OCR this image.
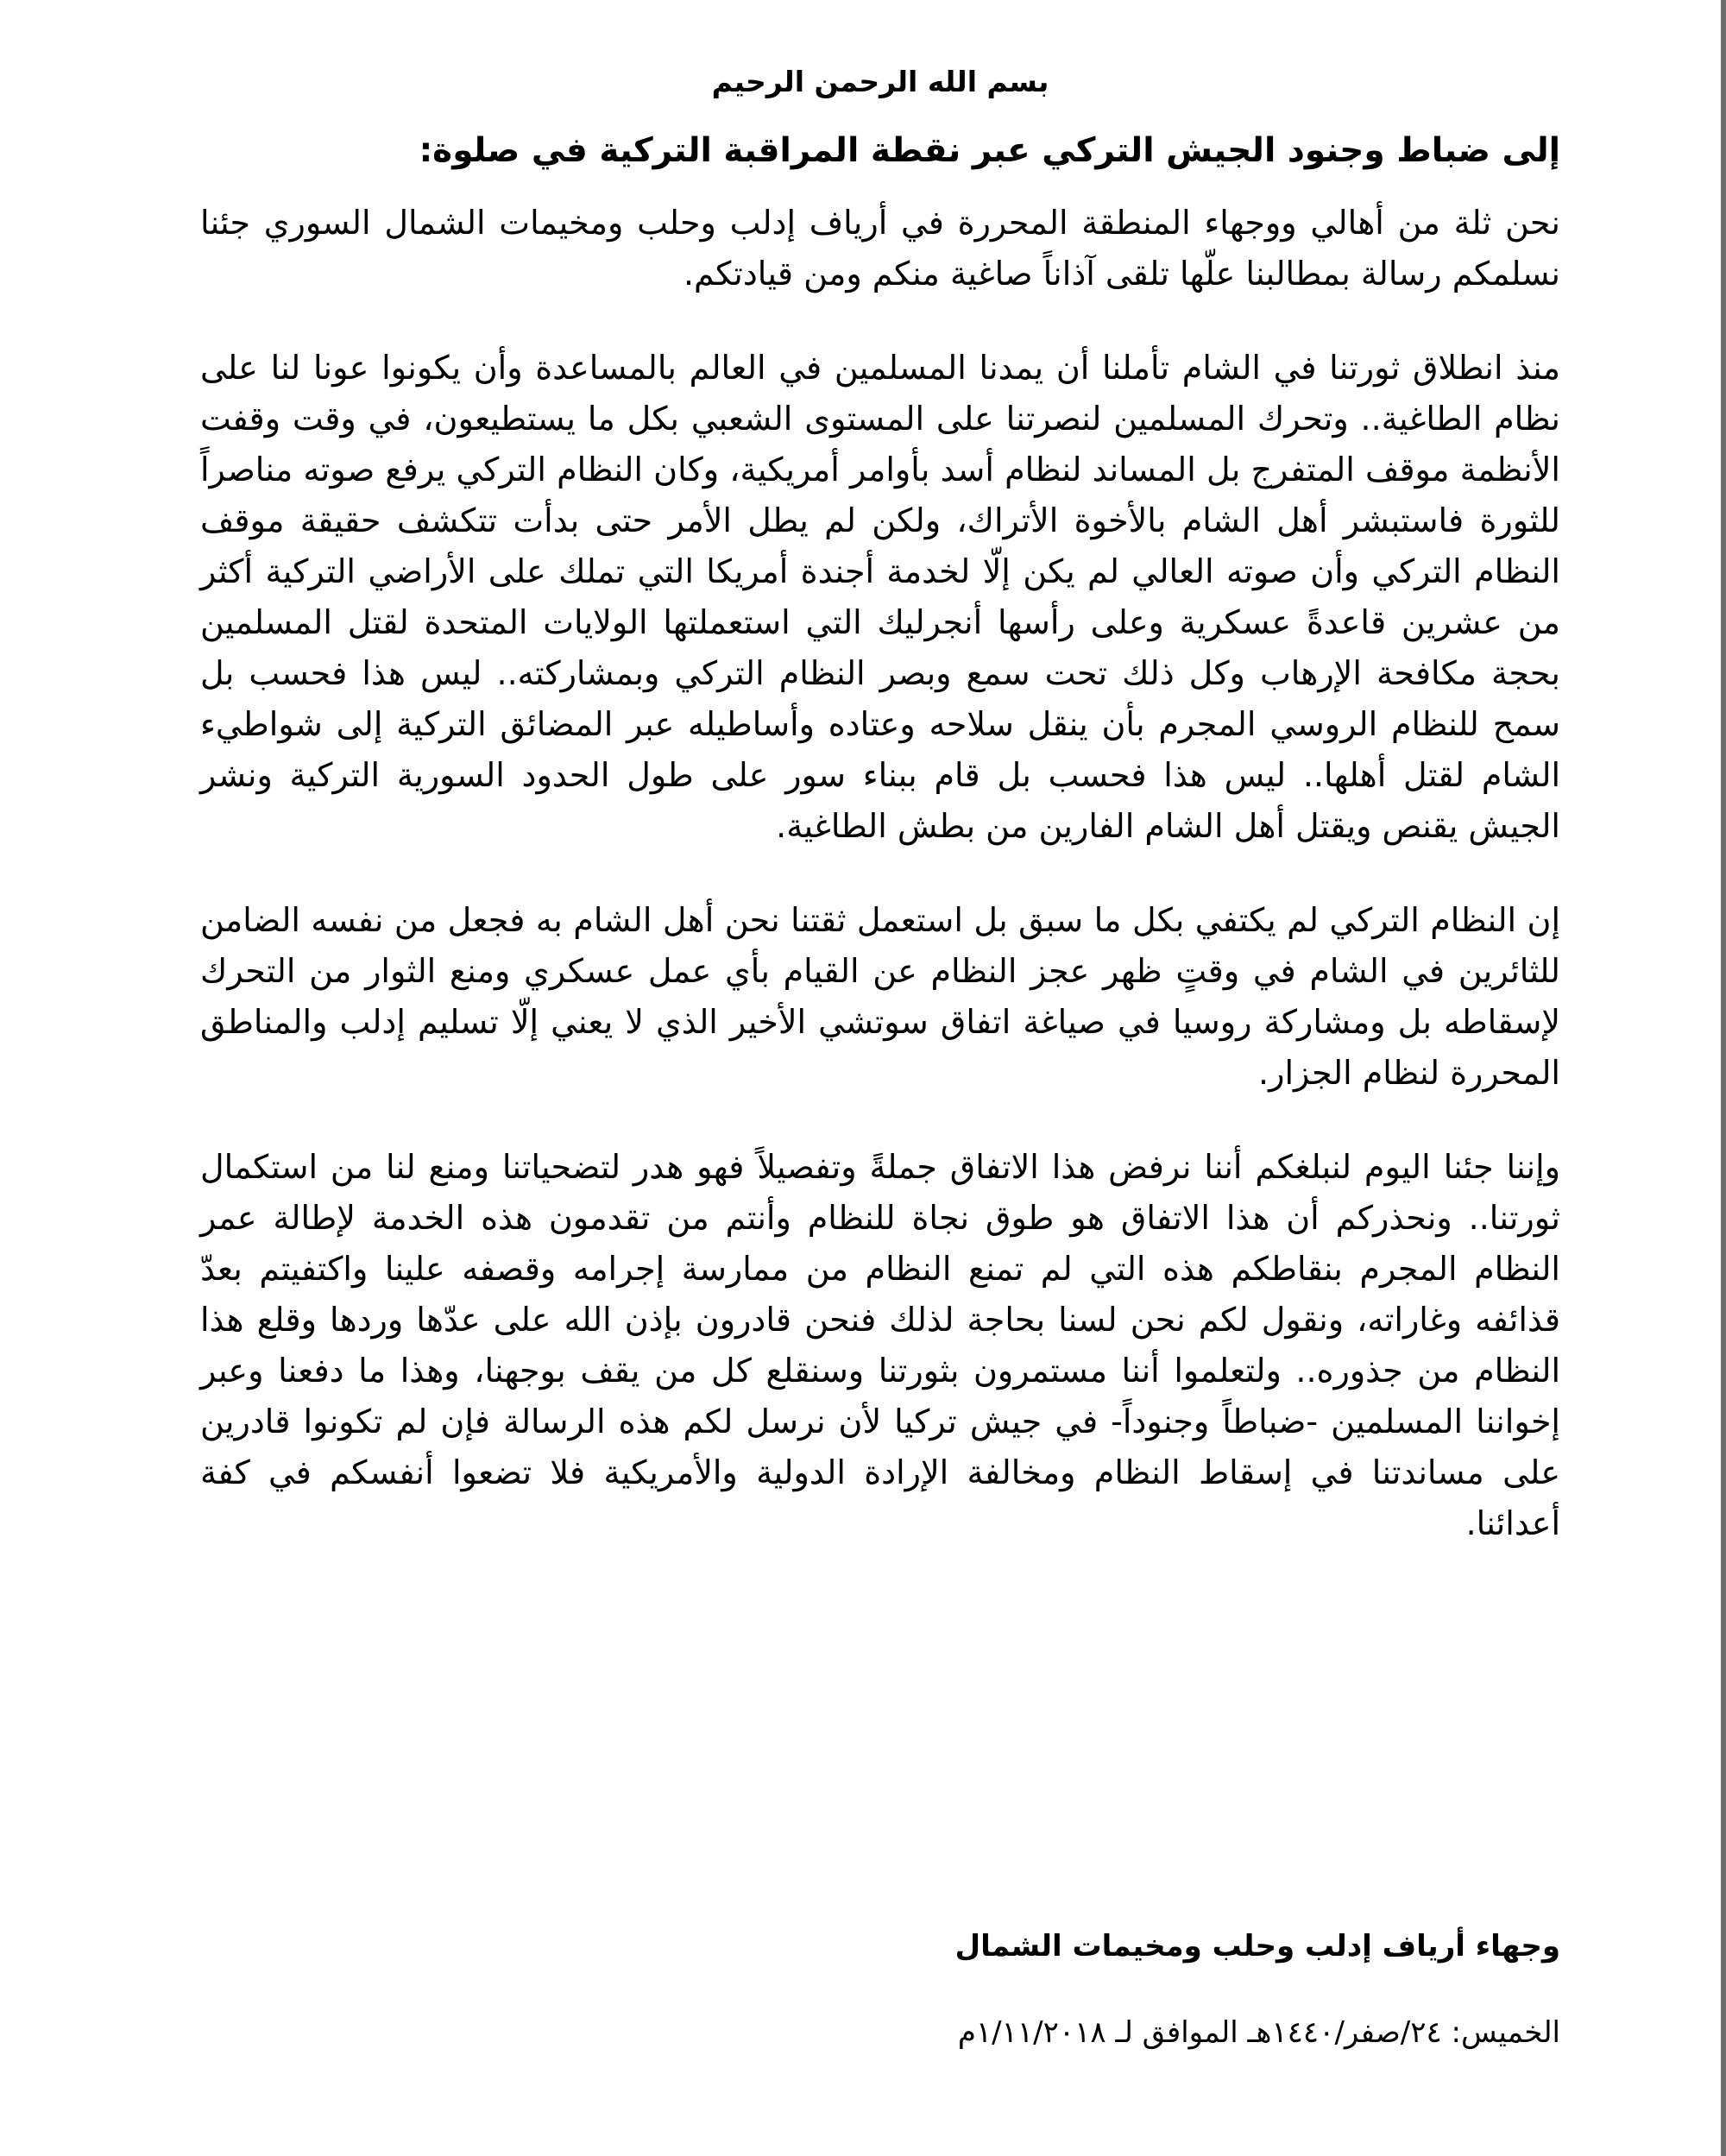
بسم الله الرحمن الرحيم

إلى ضباط وجنود الجيش التركي عبر نقطة المراقبة التركية في صلوة:

نحن ثلة من أهالي ووجهاء المنطقة المحررة في أرياف إدلب وحلب ومخيمات الشمال السوري جئنا نسلمكم رسالة بمطالبنا علّها تلقى آذاناً صاغية منكم ومن قيادتكم.

منذ انطلاق ثورتنا في الشام تأملنا أن يمدنا المسلمين في العالم بالمساعدة وأن يكونوا عونا لنا على نظام الطاغية.. وتحرك المسلمين لنصرتنا على المستوى الشعبي بكل ما يستطيعون، في وقت وقفت الأنظمة موقف المتفرج بل المساند لنظام أسد بأوامر أمريكية، وكان النظام التركي يرفع صوته مناصراً للثورة فاستبشر أهل الشام بالأخوة الأتراك، ولكن لم يطل الأمر حتى بدأت تتكشف حقيقة موقف النظام التركي وأن صوته العالي لم يكن إلّا لخدمة أجندة أمريكا التي تملك على الأراضي التركية أكثر من عشرين قاعدةً عسكرية وعلى رأسها أنجرليك التي استعملتها الولايات المتحدة لقتل المسلمين بحجة مكافحة الإرهاب وكل ذلك تحت سمع وبصر النظام التركي وبمشاركته.. ليس هذا فحسب بل سمح للنظام الروسي المجرم بأن ينقل سلاحه وعتاده وأساطيله عبر المضائق التركية إلى شواطيء الشام لقتل أهلها.. ليس هذا فحسب بل قام ببناء سور على طول الحدود السورية التركية ونشر الجيش يقنص ويقتل أهل الشام الفارين من بطش الطاغية.

إن النظام التركي لم يكتفي بكل ما سبق بل استعمل ثقتنا نحن أهل الشام به فجعل من نفسه الضامن للثائرين في الشام في وقتٍ ظهر عجز النظام عن القيام بأي عمل عسكري ومنع الثوار من التحرك لإسقاطه بل ومشاركة روسيا في صياغة اتفاق سوتشي الأخير الذي لا يعني إلّا تسليم إدلب والمناطق المحررة لنظام الجزار.

وإننا جئنا اليوم لنبلغكم أننا نرفض هذا الاتفاق جملةً وتفصيلاً فهو هدر لتضحياتنا ومنع لنا من استكمال ثورتنا.. ونحذركم أن هذا الاتفاق هو طوق نجاة للنظام وأنتم من تقدمون هذه الخدمة لإطالة عمر النظام المجرم بنقاطكم هذه التي لم تمنع النظام من ممارسة إجرامه وقصفه علينا واكتفيتم بعدّ قذائفه وغاراته، ونقول لكم نحن لسنا بحاجة لذلك فنحن قادرون بإذن الله على عدّها وردها وقلع هذا النظام من جذوره.. ولتعلموا أننا مستمرون بثورتنا وسنقلع كل من يقف بوجهنا، وهذا ما دفعنا وعبر إخواننا المسلمين -ضباطاً وجنوداً- في جيش تركيا لأن نرسل لكم هذه الرسالة فإن لم تكونوا قادرين على مساندتنا في إسقاط النظام ومخالفة الإرادة الدولية والأمريكية فلا تضعوا أنفسكم في كفة أعدائنا.

وجهاء أرياف إدلب وحلب ومخيمات الشمال

الخميس: ٢٤/صفر/١٤٤٠هـ الموافق لـ ١/١١/٢٠١٨م
